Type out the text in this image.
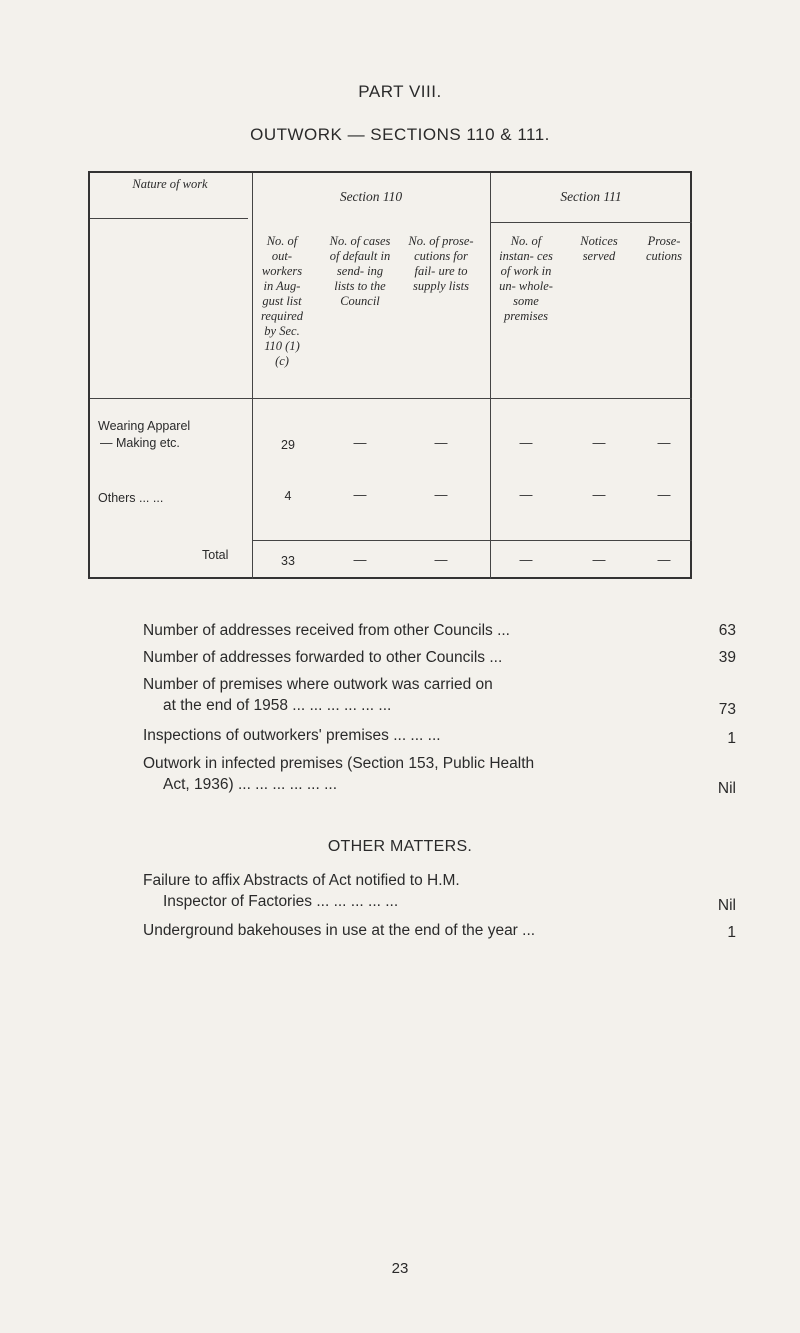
PART VIII.
OUTWORK — SECTIONS 110 & 111.
Nature of work
Section 110	Section 111
No. of out- workers in Aug- gust list required by Sec. 110 (1) (c)
No. of cases of default in send- ing lists to the Council
No. of prose- cutions for fail- ure to supply lists
No. of instan- ces of work in un- whole- some premises
Notices served
Prose- cutions
Wearing Apparel
— Making etc.	29	—	—	—	—	—
Others ... ...	4	—	—	—	—	—
Total	33	—	—	—	—	—
Number of addresses received from other Councils ...	63
Number of addresses forwarded to other Councils ...	39
Number of premises where outwork was carried on
at the end of 1958 ... ... ... ... ... ...	73
Inspections of outworkers' premises ... ... ...	1
Outwork in infected premises (Section 153, Public Health
Act, 1936) ... ... ... ... ... ...	Nil
OTHER MATTERS.
Failure to affix Abstracts of Act notified to H.M.
Inspector of Factories ... ... ... ... ...	Nil
Underground bakehouses in use at the end of the year ...	1
23
